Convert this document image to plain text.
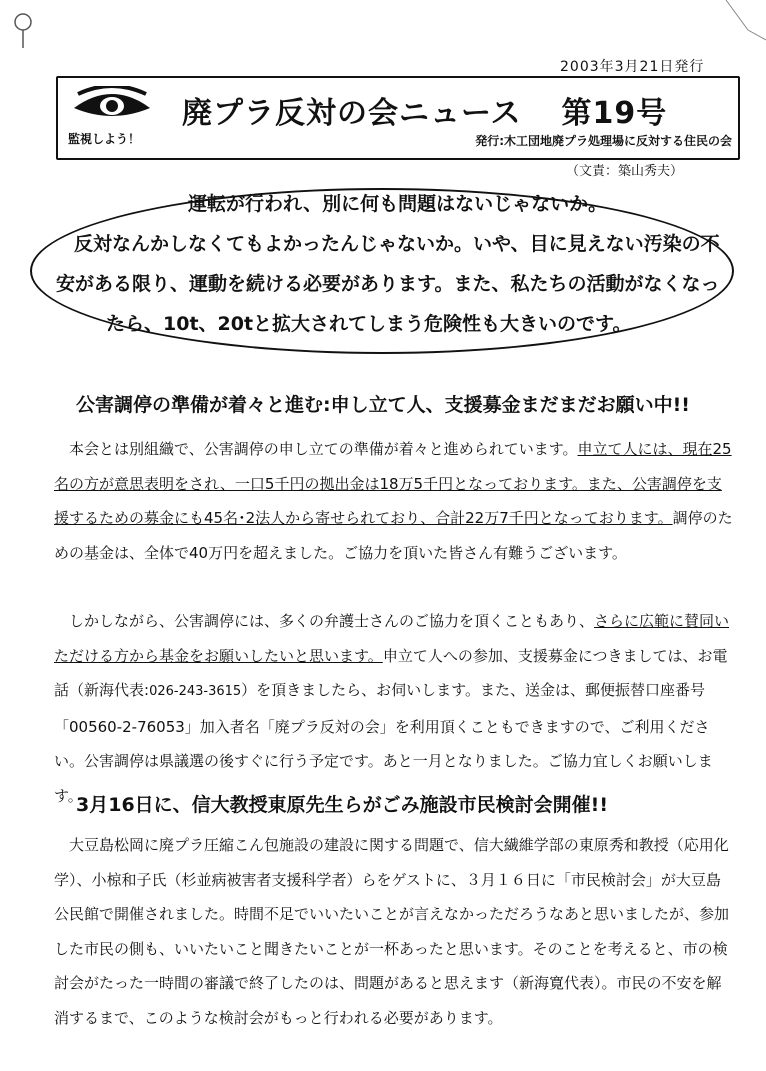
2003年3月21日発行
監視しよう！
廃プラ反対の会ニュース 第19号
発行:木工団地廃プラ処理場に反対する住民の会
（文責：築山秀夫）

運転が行われ、別に何も問題はないじゃないか。

反対なんかしなくてもよかったんじゃないか。いや、目に見えない汚染の不

安がある限り、運動を続ける必要があります。また、私たちの活動がなくなっ

たら、10t、20tと拡大されてしまう危険性も大きいのです。

公害調停の準備が着々と進む:申し立て人、支援募金まだまだお願い中!!

本会とは別組織で、公害調停の申し立ての準備が着々と進められています。申立て人には、現在25名の方が意思表明をされ、一口5千円の拠出金は18万5千円となっております。また、公害調停を支援するための募金にも45名･2法人から寄せられており、合計22万7千円となっております。調停のための基金は、全体で40万円を超えました。ご協力を頂いた皆さん有難うございます。

しかしながら、公害調停には、多くの弁護士さんのご協力を頂くこともあり、さらに広範に賛同いただける方から基金をお願いしたいと思います。申立て人への参加、支援募金につきましては、お電話（新海代表:026-243-3615）を頂きましたら、お伺いします。また、送金は、郵便振替口座番号「00560-2-76053」加入者名「廃プラ反対の会」を利用頂くこともできますので、ご利用ください。公害調停は県議選の後すぐに行う予定です。あと一月となりました。ご協力宜しくお願いします。

3月16日に、信大教授東原先生らがごみ施設市民検討会開催!!

大豆島松岡に廃プラ圧縮こん包施設の建設に関する問題で、信大繊維学部の東原秀和教授（応用化学）、小椋和子氏（杉並病被害者支援科学者）らをゲストに、３月１６日に「市民検討会」が大豆島公民館で開催されました。時間不足でいいたいことが言えなかっただろうなあと思いましたが、参加した市民の側も、いいたいこと聞きたいことが一杯あったと思います。そのことを考えると、市の検討会がたった一時間の審議で終了したのは、問題があると思えます（新海寛代表）。市民の不安を解消するまで、このような検討会がもっと行われる必要があります。
